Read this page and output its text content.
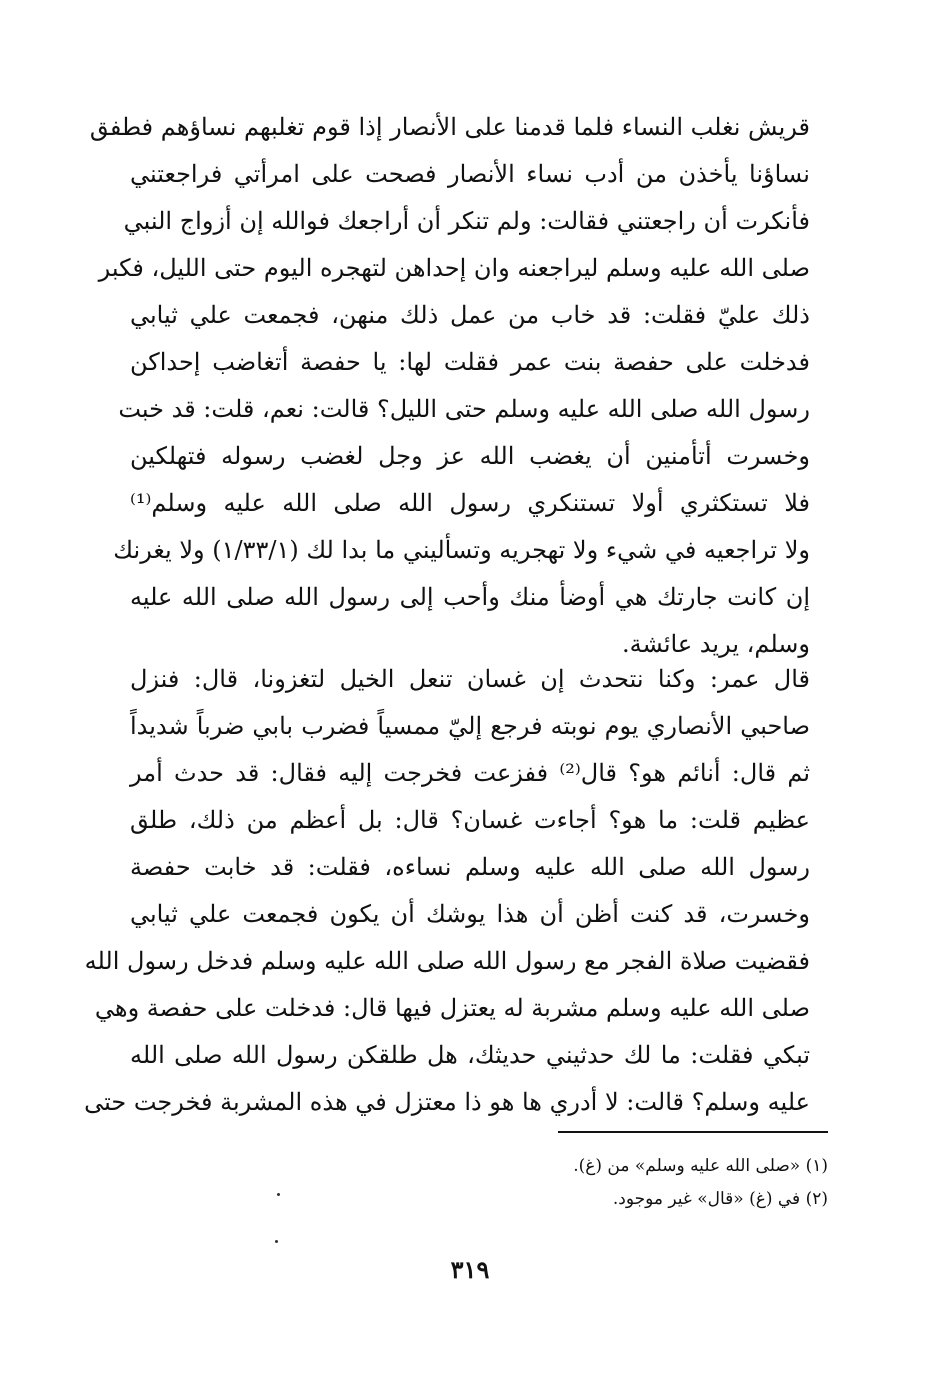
قريش نغلب النساء فلما قدمنا على الأنصار إذا قوم تغلبهم نساؤهم فطفق
نساؤنا يأخذن من أدب نساء الأنصار فصحت على امرأتي فراجعتني
فأنكرت أن راجعتني فقالت: ولم تنكر أن أراجعك فوالله إن أزواج النبي
صلى الله عليه وسلم ليراجعنه وان إحداهن لتهجره اليوم حتى الليل، فكبر
ذلك عليّ فقلت: قد خاب من عمل ذلك منهن، فجمعت علي ثيابي
فدخلت على حفصة بنت عمر فقلت لها: يا حفصة أتغاضب إحداكن
رسول الله صلى الله عليه وسلم حتى الليل؟ قالت: نعم، قلت: قد خبت
وخسرت أتأمنين أن يغضب الله عز وجل لغضب رسوله فتهلكين
فلا تستكثري أولا تستنكري رسول الله صلى الله عليه وسلم⁽¹⁾
ولا تراجعيه في شيء ولا تهجريه وتسأليني ما بدا لك (١/٣٣/١) ولا يغرنك
إن كانت جارتك هي أوضأ منك وأحب إلى رسول الله صلى الله عليه
وسلم، يريد عائشة.
قال عمر: وكنا نتحدث إن غسان تنعل الخيل لتغزونا، قال: فنزل
صاحبي الأنصاري يوم نوبته فرجع إليّ ممسياً فضرب بابي ضرباً شديداً
ثم قال: أنائم هو؟ قال⁽²⁾ ففزعت فخرجت إليه فقال: قد حدث أمر
عظيم قلت: ما هو؟ أجاءت غسان؟ قال: بل أعظم من ذلك، طلق
رسول الله صلى الله عليه وسلم نساءه، فقلت: قد خابت حفصة
وخسرت، قد كنت أظن أن هذا يوشك أن يكون فجمعت علي ثيابي
فقضيت صلاة الفجر مع رسول الله صلى الله عليه وسلم فدخل رسول الله
صلى الله عليه وسلم مشربة له يعتزل فيها قال: فدخلت على حفصة وهي
تبكي فقلت: ما لك حدثيني حديثك، هل طلقكن رسول الله صلى الله
عليه وسلم؟ قالت: لا أدري ها هو ذا معتزل في هذه المشربة فخرجت حتى
(١) «صلى الله عليه وسلم» من (غ).
(٢) في (غ) «قال» غير موجود.
٣١٩
